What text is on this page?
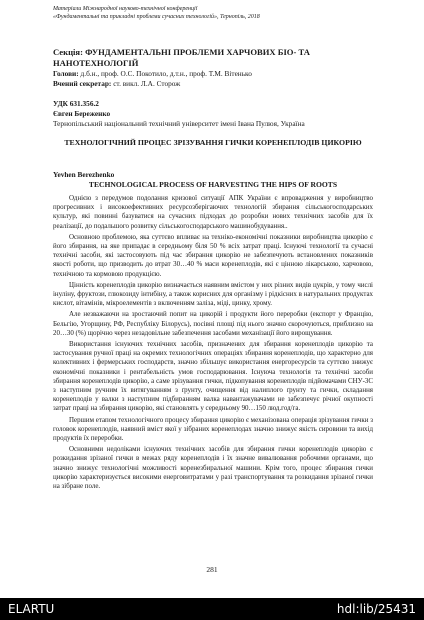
Матеріали Міжнародної науково-технічної конференції
«Фундаментальні та прикладні проблеми сучасних технологій», Тернопіль, 2018
Секція: ФУНДАМЕНТАЛЬНІ ПРОБЛЕМИ ХАРЧОВИХ БІО- ТА НАНОТЕХНОЛОГІЙ
Голови: д.б.н., проф. О.С. Покотило, д.т.н., проф. Т.М. Вітенько
Вчений секретар: ст. викл. Л.А. Сторож
УДК 631.356.2
Євген Береженко
Тернопільський національний технічний університет імені Івана Пулюя, Україна
ТЕХНОЛОГІЧНИЙ ПРОЦЕС ЗРІЗУВАННЯ ГИЧКИ КОРЕНЕПЛОДІВ ЦИКОРІЮ
Yevhen Berezhenko
TECHNOLOGICAL PROCESS OF HARVESTING THE HIPS OF ROOTS

Однією з передумов подолання кризової ситуації АПК України є впровадження у виробництво прогресивних і високоефективних ресурсозберігаючих технологій збирання сільськогосподарських культур, які повинні базуватися на сучасних підходах до розробки нових технічних засобів для їх реалізації, до подальшого розвитку сільськогосподарського машинобудування..

Основною проблемою, яка суттєво впливає на техніко-економічні показники виробництва цикорію є його збирання, на яке припадає в середньому біля 50 % всіх затрат праці. Існуючі технології та сучасні технічні засоби, які застосовують під час збирання цикорію не забезпечують встановлених показників якості роботи, що призводить до втрат 30…40 % маси коренеплодів, які є цінною лікарською, харчовою, технічною та кормовою продукцією.

Цінність коренеплодів цикорію визначається наявним вмістом у них різних видів цукрів, у тому числі інуліну, фруктози, глюкозиду інтибіну, а також корисних для організму і рідкісних в натуральних продуктах кислот, вітамінів, мікроелементів з включенням заліза, міді, цинку, хрому.

Але незважаючи на зростаючий попит на цикорій і продукти його переробки (експорт у Францію, Бельгію, Угорщину, РФ, Республіку Білорусь), посівні площі під нього значно скорочуються, приблизно на 20…30 (%) щорічно через незадовільне забезпечення засобами механізації його вирощування.

Використання існуючих технічних засобів, призначених для збирання коренеплодів цикорію та застосування ручної праці на окремих технологічних операціях збирання коренеплодів, що характерно для колективних і фермерських господарств, значно збільшує використання енергоресурсів та суттєво знижує економічні показники і рентабельність умов господарювання. Існуюча технологія та технічні засоби збирання коренеплодів цикорію, а саме зрізування гички, підкопування коренеплодів підйомачами СНУ-3С з наступним ручним їх витягуванням з ґрунту, очищення від налиплого ґрунту та гички, складання коренеплодів у валки з наступним підбиранням валка навантажувачами не забезпечує річної окупності затрат праці на збирання цикорію, які становлять у середньому 90…150 люд.год/га.

Першим етапом технологічного процесу збирання цикорію є механізована операція зрізування гички з головок коренеплодів, наявний вміст якої у зібраних коренеплодах значно знижує якість сировини та вихід продуктів їх переробки.

Основними недоліками існуючих технічних засобів для збирання гички коренеплодів цикорію є розкидання зрізаної гички в межах ряду коренеплодів і їх значне вивалювання робочими органами, що значно знижує технологічні можливості коренезбиральної машини. Крім того, процес збирання гички цикорію характеризується високими енерговитратами у разі транспортування та розкидання зрізаної гички на зібране поле.

281
ELARTU	hdl:lib/25431
